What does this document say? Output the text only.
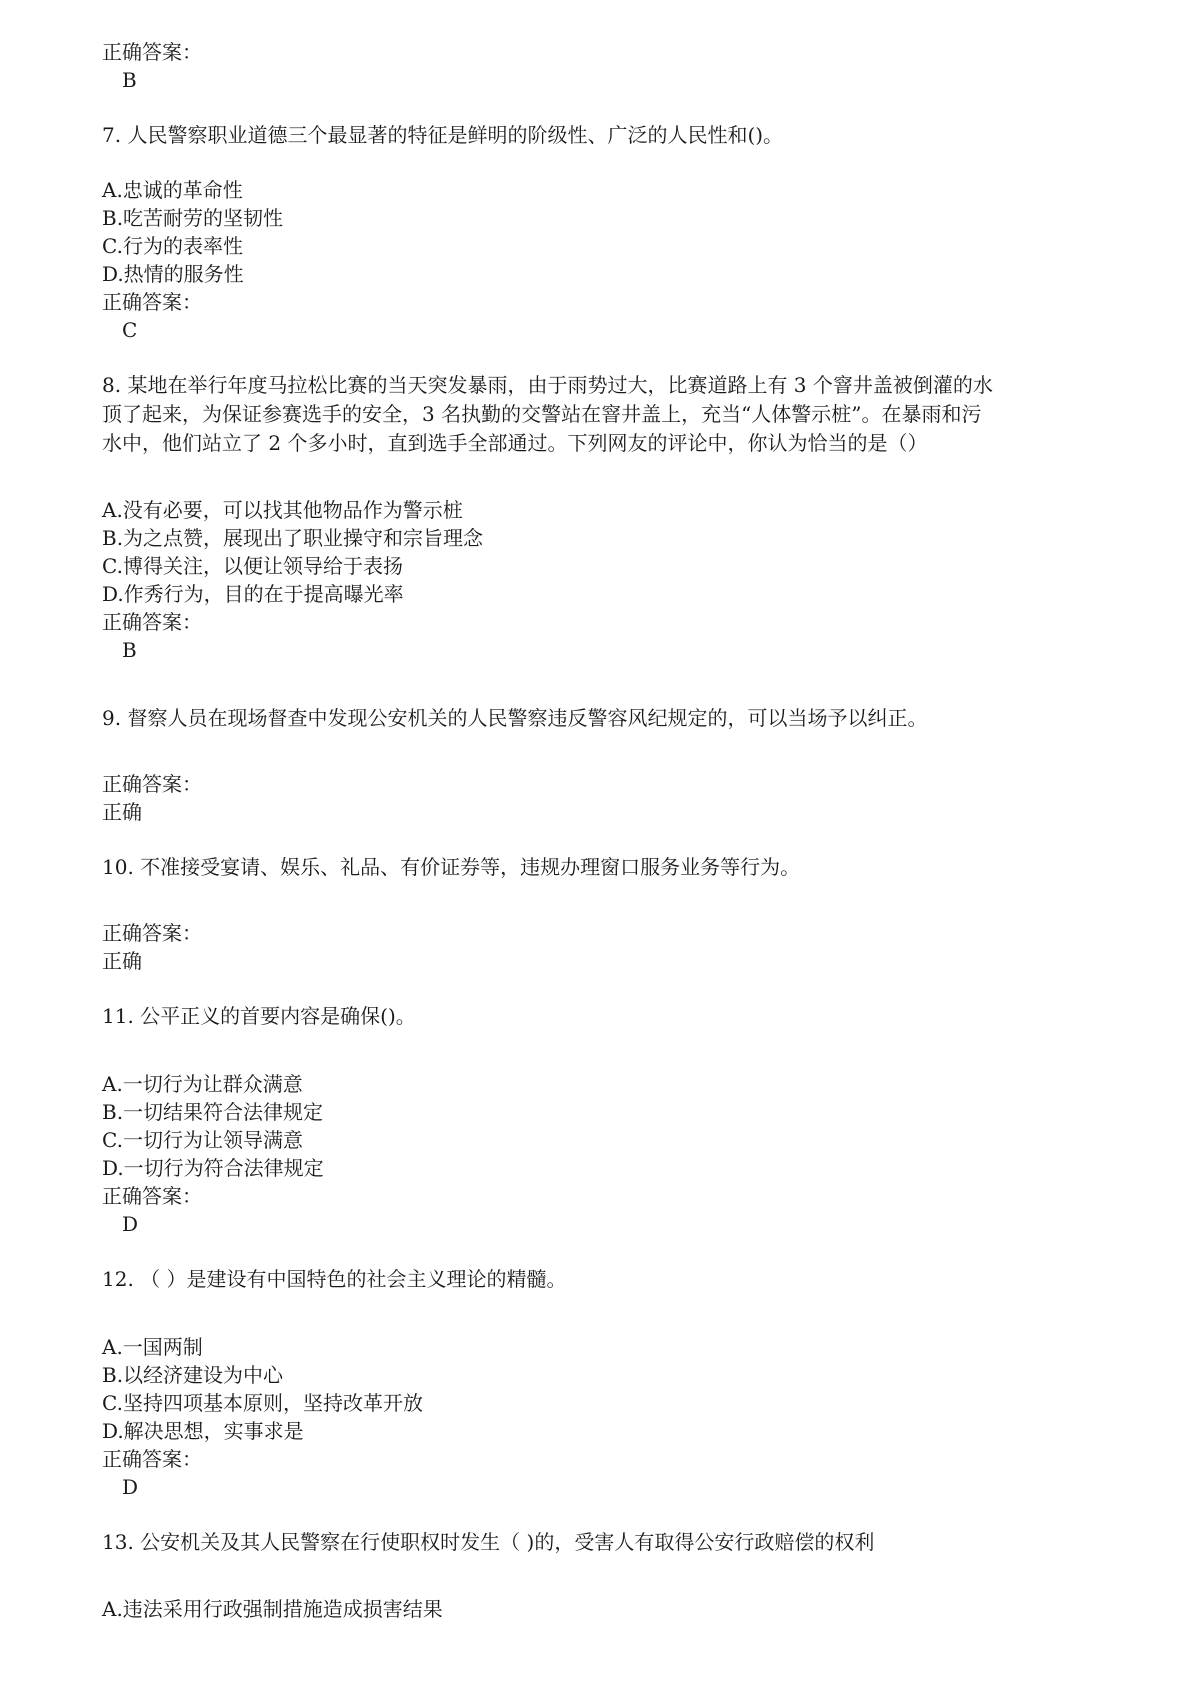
正确答案：
B
7. 人民警察职业道德三个最显著的特征是鲜明的阶级性、广泛的人民性和()。
A.忠诚的革命性
B.吃苦耐劳的坚韧性
C.行为的表率性
D.热情的服务性
正确答案：
C
8. 某地在举行年度马拉松比赛的当天突发暴雨，由于雨势过大，比赛道路上有 3 个窨井盖被倒灌的水
顶了起来，为保证参赛选手的安全，3 名执勤的交警站在窨井盖上，充当“人体警示桩”。在暴雨和污
水中，他们站立了 2 个多小时，直到选手全部通过。下列网友的评论中，你认为恰当的是（）
A.没有必要，可以找其他物品作为警示桩
B.为之点赞，展现出了职业操守和宗旨理念
C.博得关注，以便让领导给于表扬
D.作秀行为，目的在于提高曝光率
正确答案：
B
9. 督察人员在现场督查中发现公安机关的人民警察违反警容风纪规定的，可以当场予以纠正。
正确答案：
正确
10. 不准接受宴请、娱乐、礼品、有价证券等，违规办理窗口服务业务等行为。
正确答案：
正确
11. 公平正义的首要内容是确保()。
A.一切行为让群众满意
B.一切结果符合法律规定
C.一切行为让领导满意
D.一切行为符合法律规定
正确答案：
D
12. （ ）是建设有中国特色的社会主义理论的精髓。
A.一国两制
B.以经济建设为中心
C.坚持四项基本原则，坚持改革开放
D.解决思想，实事求是
正确答案：
D
13. 公安机关及其人民警察在行使职权时发生（ )的，受害人有取得公安行政赔偿的权利
A.违法采用行政强制措施造成损害结果
